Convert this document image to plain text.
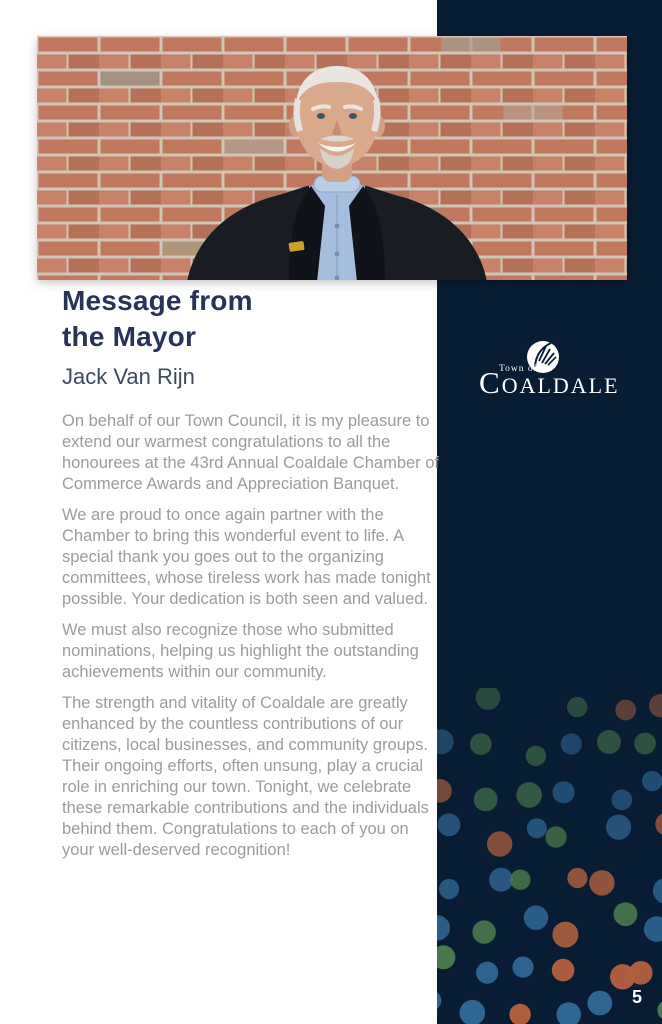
Town of
COALDALE
5
Message from
the Mayor
Jack Van Rijn

On behalf of our Town Council, it is my pleasure to extend our warmest congratulations to all the honourees at the 43rd Annual Coaldale Chamber of Commerce Awards and Appreciation Banquet.

We are proud to once again partner with the Chamber to bring this wonderful event to life. A special thank you goes out to the organizing committees, whose tireless work has made tonight possible. Your dedication is both seen and valued.

We must also recognize those who submitted nominations, helping us highlight the outstanding achievements within our community.

The strength and vitality of Coaldale are greatly enhanced by the countless contributions of our citizens, local businesses, and community groups. Their ongoing efforts, often unsung, play a crucial role in enriching our town. Tonight, we celebrate these remarkable contributions and the individuals behind them. Congratulations to each of you on your well-deserved recognition!
